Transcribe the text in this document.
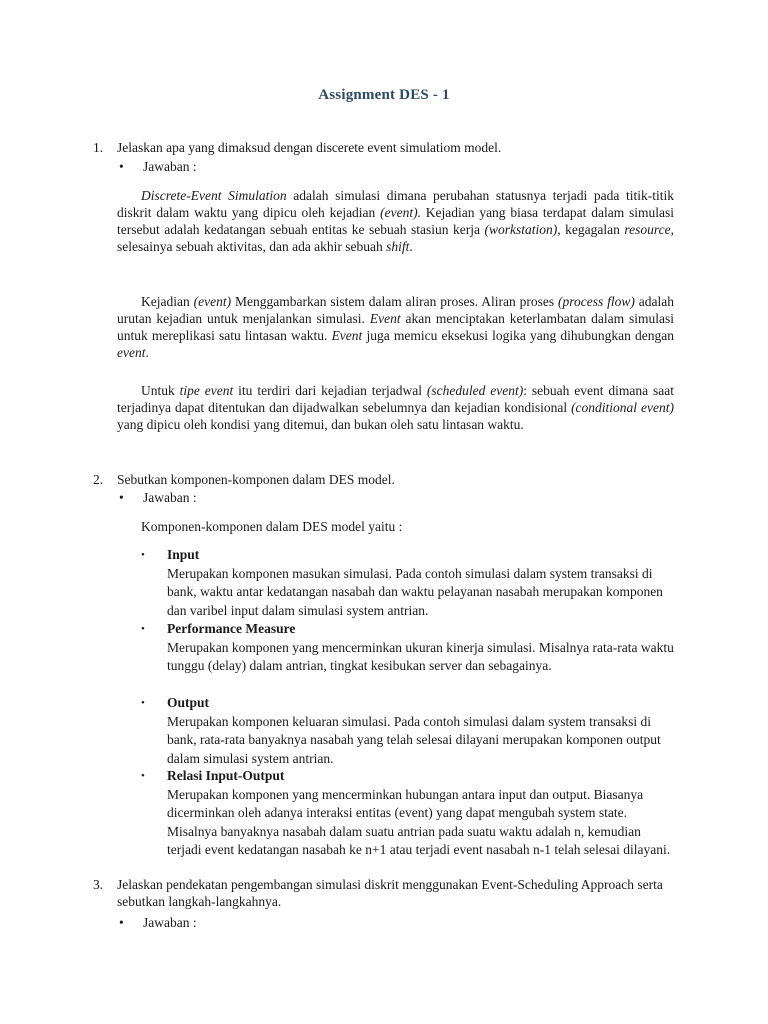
Assignment DES - 1
1. Jelaskan apa yang dimaksud dengan discerete event simulatiom model.
• Jawaban :
Discrete-Event Simulation adalah simulasi dimana perubahan statusnya terjadi pada titik-titik diskrit dalam waktu yang dipicu oleh kejadian (event). Kejadian yang biasa terdapat dalam simulasi tersebut adalah kedatangan sebuah entitas ke sebuah stasiun kerja (workstation), kegagalan resource, selesainya sebuah aktivitas, dan ada akhir sebuah shift.
Kejadian (event) Menggambarkan sistem dalam aliran proses. Aliran proses (process flow) adalah urutan kejadian untuk menjalankan simulasi. Event akan menciptakan keterlambatan dalam simulasi untuk mereplikasi satu lintasan waktu. Event juga memicu eksekusi logika yang dihubungkan dengan event.
Untuk tipe event itu terdiri dari kejadian terjadwal (scheduled event): sebuah event dimana saat terjadinya dapat ditentukan dan dijadwalkan sebelumnya dan kejadian kondisional (conditional event) yang dipicu oleh kondisi yang ditemui, dan bukan oleh satu lintasan waktu.
2. Sebutkan komponen-komponen dalam DES model.
• Jawaban :
Komponen-komponen dalam DES model yaitu :
• Input
Merupakan komponen masukan simulasi. Pada contoh simulasi dalam system transaksi di bank, waktu antar kedatangan nasabah dan waktu pelayanan nasabah merupakan komponen dan varibel input dalam simulasi system antrian.
• Performance Measure
Merupakan komponen yang mencerminkan ukuran kinerja simulasi. Misalnya rata-rata waktu tunggu (delay) dalam antrian, tingkat kesibukan server dan sebagainya.
• Output
Merupakan komponen keluaran simulasi. Pada contoh simulasi dalam system transaksi di bank, rata-rata banyaknya nasabah yang telah selesai dilayani merupakan komponen output dalam simulasi system antrian.
• Relasi Input-Output
Merupakan komponen yang mencerminkan hubungan antara input dan output. Biasanya dicerminkan oleh adanya interaksi entitas (event) yang dapat mengubah system state. Misalnya banyaknya nasabah dalam suatu antrian pada suatu waktu adalah n, kemudian terjadi event kedatangan nasabah ke n+1 atau terjadi event nasabah n-1 telah selesai dilayani.
3. Jelaskan pendekatan pengembangan simulasi diskrit menggunakan Event-Scheduling Approach serta sebutkan langkah-langkahnya.
• Jawaban :
